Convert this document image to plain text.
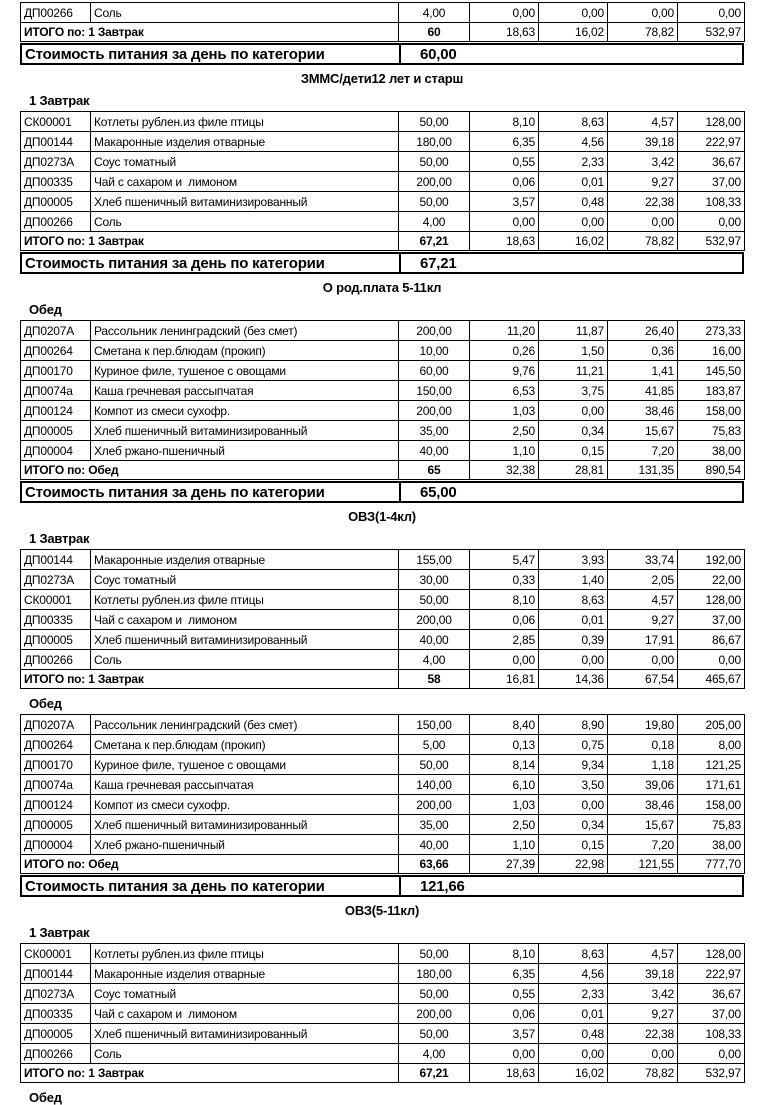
ДП00266	Соль	4,00	0,00	0,00	0,00	0,00
ИТОГО по: 1 Завтрак		60	18,63	16,02	78,82	532,97
Стоимость питания за день по категории	60,00
ЗММС/дети12 лет и старш
1 Завтрак
СК00001	Котлеты рублен.из филе птицы	50,00	8,10	8,63	4,57	128,00
ДП00144	Макаронные изделия отварные	180,00	6,35	4,56	39,18	222,97
ДП0273А	Соус томатный	50,00	0,55	2,33	3,42	36,67
ДП00335	Чай с сахаром и  лимоном	200,00	0,06	0,01	9,27	37,00
ДП00005	Хлеб пшеничный витаминизированный	50,00	3,57	0,48	22,38	108,33
ДП00266	Соль	4,00	0,00	0,00	0,00	0,00
ИТОГО по: 1 Завтрак		67,21	18,63	16,02	78,82	532,97
Стоимость питания за день по категории	67,21
О род.плата 5-11кл
Обед
ДП0207А	Рассольник ленинградский (без смет)	200,00	11,20	11,87	26,40	273,33
ДП00264	Сметана к пер.блюдам (прокип)	10,00	0,26	1,50	0,36	16,00
ДП00170	Куриное филе, тушеное с овощами	60,00	9,76	11,21	1,41	145,50
ДП0074а	Каша гречневая рассыпчатая	150,00	6,53	3,75	41,85	183,87
ДП00124	Компот из смеси сухофр.	200,00	1,03	0,00	38,46	158,00
ДП00005	Хлеб пшеничный витаминизированный	35,00	2,50	0,34	15,67	75,83
ДП00004	Хлеб ржано-пшеничный	40,00	1,10	0,15	7,20	38,00
ИТОГО по: Обед		65	32,38	28,81	131,35	890,54
Стоимость питания за день по категории	65,00
ОВЗ(1-4кл)
1 Завтрак
ДП00144	Макаронные изделия отварные	155,00	5,47	3,93	33,74	192,00
ДП0273А	Соус томатный	30,00	0,33	1,40	2,05	22,00
СК00001	Котлеты рублен.из филе птицы	50,00	8,10	8,63	4,57	128,00
ДП00335	Чай с сахаром и  лимоном	200,00	0,06	0,01	9,27	37,00
ДП00005	Хлеб пшеничный витаминизированный	40,00	2,85	0,39	17,91	86,67
ДП00266	Соль	4,00	0,00	0,00	0,00	0,00
ИТОГО по: 1 Завтрак		58	16,81	14,36	67,54	465,67
Обед
ДП0207А	Рассольник ленинградский (без смет)	150,00	8,40	8,90	19,80	205,00
ДП00264	Сметана к пер.блюдам (прокип)	5,00	0,13	0,75	0,18	8,00
ДП00170	Куриное филе, тушеное с овощами	50,00	8,14	9,34	1,18	121,25
ДП0074а	Каша гречневая рассыпчатая	140,00	6,10	3,50	39,06	171,61
ДП00124	Компот из смеси сухофр.	200,00	1,03	0,00	38,46	158,00
ДП00005	Хлеб пшеничный витаминизированный	35,00	2,50	0,34	15,67	75,83
ДП00004	Хлеб ржано-пшеничный	40,00	1,10	0,15	7,20	38,00
ИТОГО по: Обед		63,66	27,39	22,98	121,55	777,70
Стоимость питания за день по категории	121,66
ОВЗ(5-11кл)
1 Завтрак
СК00001	Котлеты рублен.из филе птицы	50,00	8,10	8,63	4,57	128,00
ДП00144	Макаронные изделия отварные	180,00	6,35	4,56	39,18	222,97
ДП0273А	Соус томатный	50,00	0,55	2,33	3,42	36,67
ДП00335	Чай с сахаром и  лимоном	200,00	0,06	0,01	9,27	37,00
ДП00005	Хлеб пшеничный витаминизированный	50,00	3,57	0,48	22,38	108,33
ДП00266	Соль	4,00	0,00	0,00	0,00	0,00
ИТОГО по: 1 Завтрак		67,21	18,63	16,02	78,82	532,97
Обед
